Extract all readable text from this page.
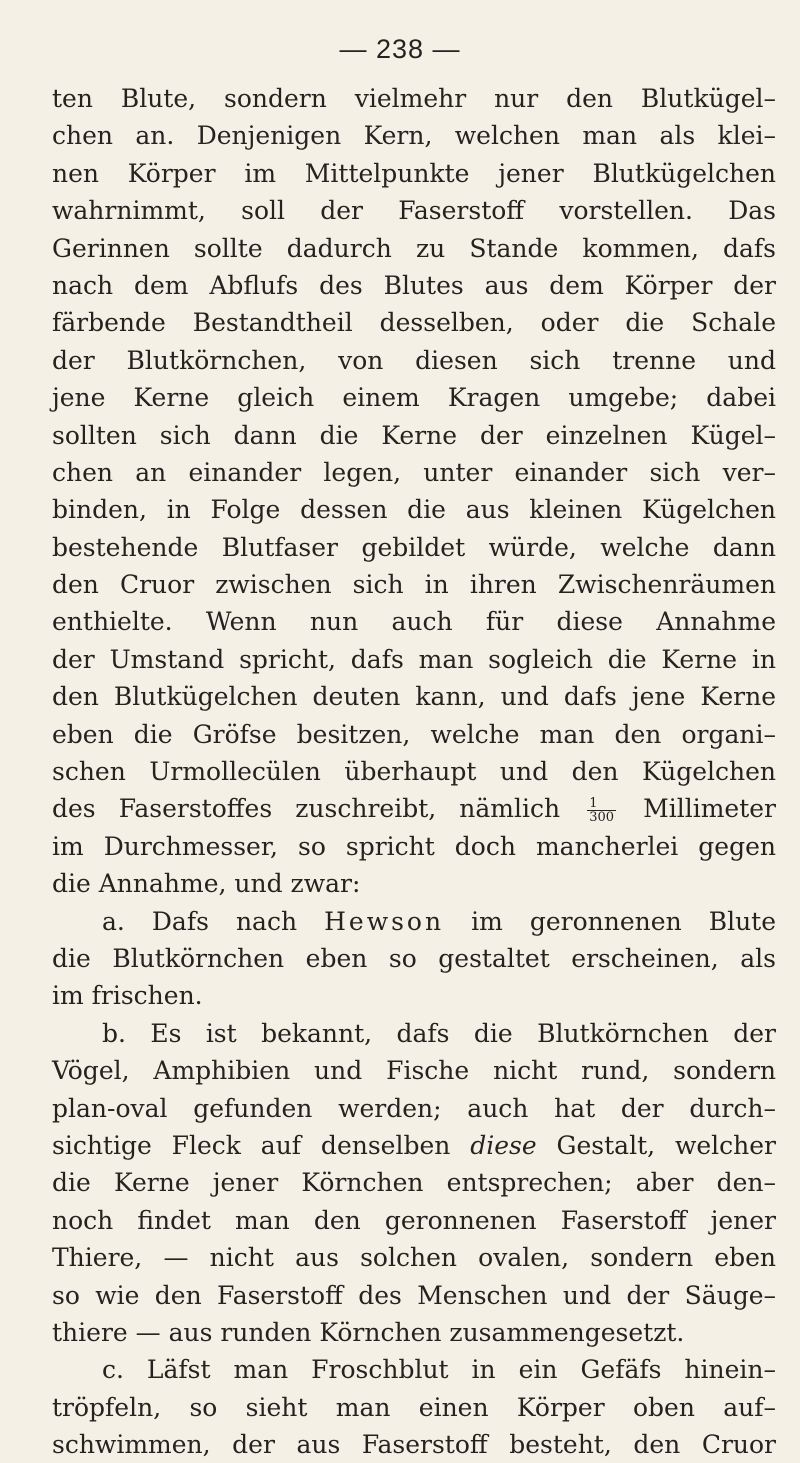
— 238 —
ten Blute, sondern vielmehr nur den Blutkügel–
chen an. Denjenigen Kern, welchen man als klei–
nen Körper im Mittelpunkte jener Blutkügelchen
wahrnimmt, soll der Faserstoff vorstellen. Das
Gerinnen sollte dadurch zu Stande kommen, dafs
nach dem Abflufs des Blutes aus dem Körper der
färbende Bestandtheil desselben, oder die Schale
der Blutkörnchen, von diesen sich trenne und
jene Kerne gleich einem Kragen umgebe; dabei
sollten sich dann die Kerne der einzelnen Kügel–
chen an einander legen, unter einander sich ver–
binden, in Folge dessen die aus kleinen Kügelchen
bestehende Blutfaser gebildet würde, welche dann
den Cruor zwischen sich in ihren Zwischenräumen
enthielte. Wenn nun auch für diese Annahme
der Umstand spricht, dafs man sogleich die Kerne in
den Blutkügelchen deuten kann, und dafs jene Kerne
eben die Gröfse besitzen, welche man den organi–
schen Urmollecülen überhaupt und den Kügelchen
des Faserstoffes zuschreibt, nämlich $\frac{1}{300}$ Millimeter
im Durchmesser, so spricht doch mancherlei gegen
die Annahme, und zwar:
a. Dafs nach Hewson im geronnenen Blute
die Blutkörnchen eben so gestaltet erscheinen, als
im frischen.
b. Es ist bekannt, dafs die Blutkörnchen der
Vögel, Amphibien und Fische nicht rund, sondern
plan-oval gefunden werden; auch hat der durch–
sichtige Fleck auf denselben diese Gestalt, welcher
die Kerne jener Körnchen entsprechen; aber den–
noch findet man den geronnenen Faserstoff jener
Thiere, — nicht aus solchen ovalen, sondern eben
so wie den Faserstoff des Menschen und der Säuge–
thiere — aus runden Körnchen zusammengesetzt.
c. Läfst man Froschblut in ein Gefäfs hinein–
tröpfeln, so sieht man einen Körper oben auf–
schwimmen, der aus Faserstoff besteht, den Cruor
